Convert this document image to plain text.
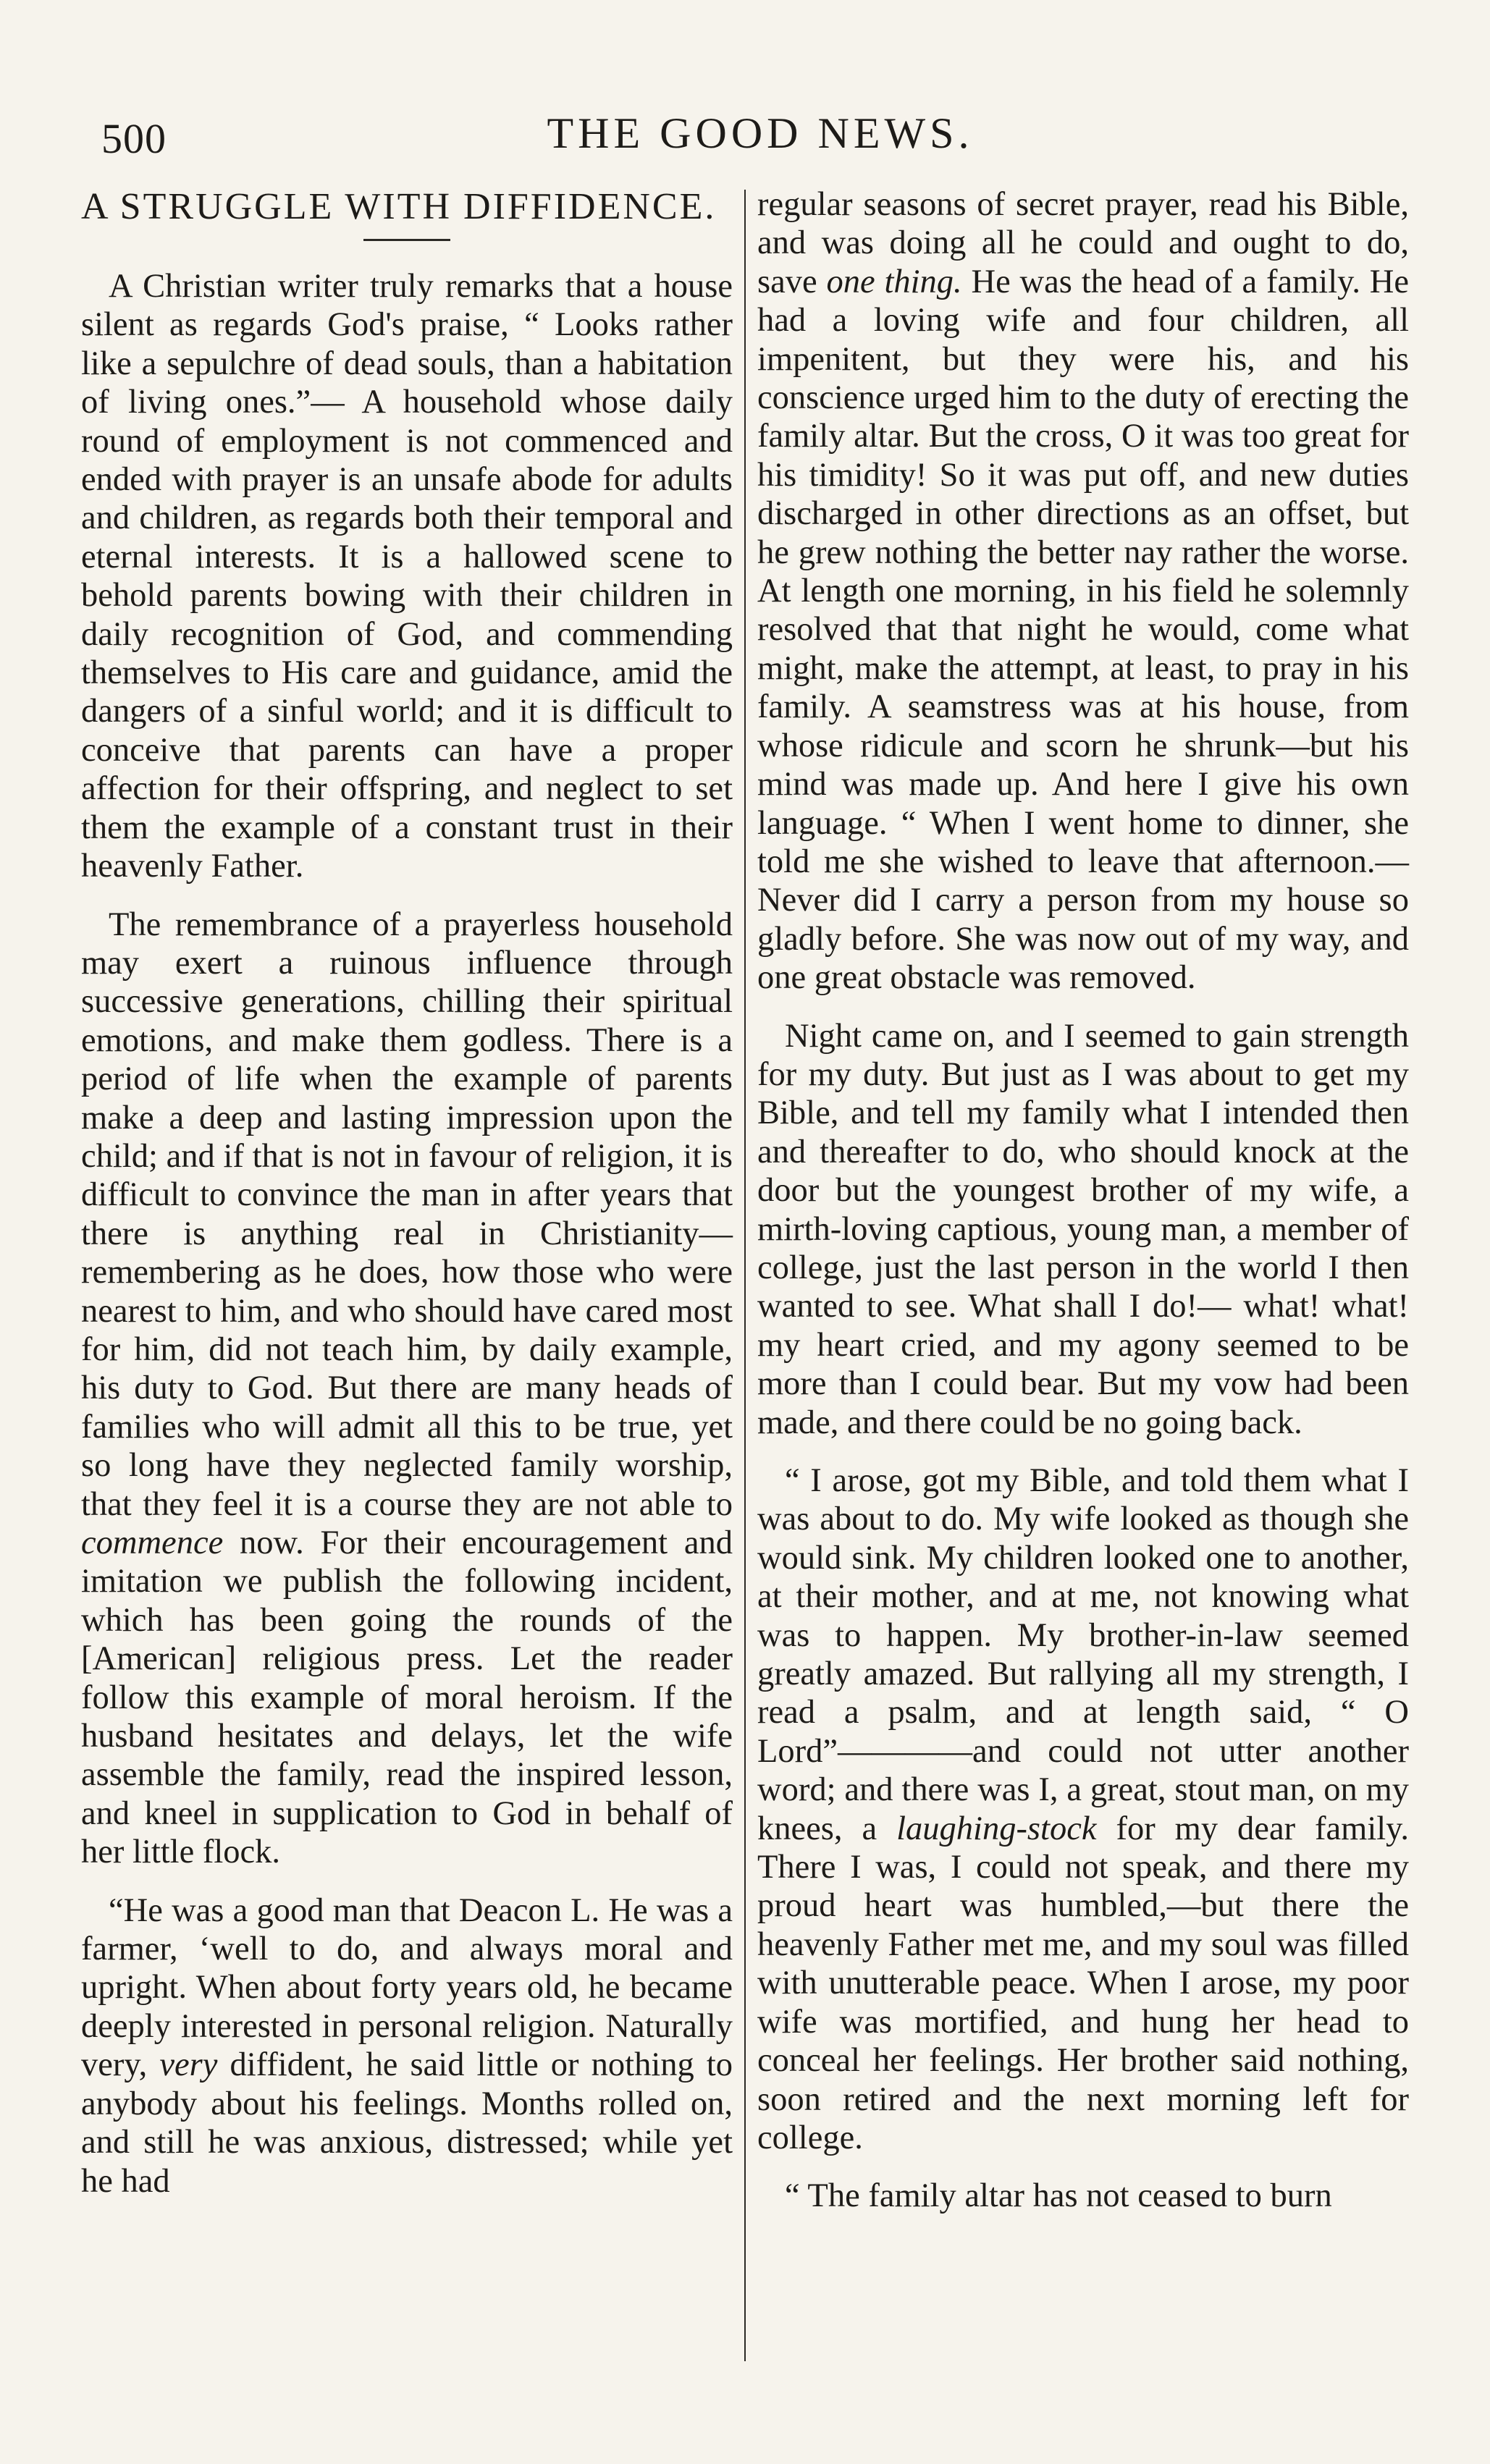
500	THE GOOD NEWS.
A STRUGGLE WITH DIFFIDENCE.

A Christian writer truly remarks that a house silent as regards God's praise, “ Looks rather like a sepulchre of dead souls, than a habitation of living ones.”— A household whose daily round of employment is not commenced and ended with prayer is an unsafe abode for adults and children, as regards both their temporal and eternal interests. It is a hallowed scene to behold parents bowing with their children in daily recognition of God, and commending themselves to His care and guidance, amid the dangers of a sinful world; and it is difficult to conceive that parents can have a proper affection for their offspring, and neglect to set them the example of a constant trust in their heavenly Father.

The remembrance of a prayerless household may exert a ruinous influence through successive generations, chilling their spiritual emotions, and make them godless. There is a period of life when the example of parents make a deep and lasting impression upon the child; and if that is not in favour of religion, it is difficult to convince the man in after years that there is anything real in Christianity—remembering as he does, how those who were nearest to him, and who should have cared most for him, did not teach him, by daily example, his duty to God. But there are many heads of families who will admit all this to be true, yet so long have they neglected family worship, that they feel it is a course they are not able to commence now. For their encouragement and imitation we publish the following incident, which has been going the rounds of the [American] religious press. Let the reader follow this example of moral heroism. If the husband hesitates and delays, let the wife assemble the family, read the inspired lesson, and kneel in supplication to God in behalf of her little flock.

“He was a good man that Deacon L. He was a farmer, ‘well to do, and always moral and upright. When about forty years old, he became deeply interested in personal religion. Naturally very, very diffident, he said little or nothing to anybody about his feelings. Months rolled on, and still he was anxious, distressed; while yet he had

regular seasons of secret prayer, read his Bible, and was doing all he could and ought to do, save one thing. He was the head of a family. He had a loving wife and four children, all impenitent, but they were his, and his conscience urged him to the duty of erecting the family altar. But the cross, O it was too great for his timidity! So it was put off, and new duties discharged in other directions as an offset, but he grew nothing the better nay rather the worse. At length one morning, in his field he solemnly resolved that that night he would, come what might, make the attempt, at least, to pray in his family. A seamstress was at his house, from whose ridicule and scorn he shrunk—but his mind was made up. And here I give his own language. “ When I went home to dinner, she told me she wished to leave that afternoon.— Never did I carry a person from my house so gladly before. She was now out of my way, and one great obstacle was removed.

Night came on, and I seemed to gain strength for my duty. But just as I was about to get my Bible, and tell my family what I intended then and thereafter to do, who should knock at the door but the youngest brother of my wife, a mirth-loving captious, young man, a member of college, just the last person in the world I then wanted to see. What shall I do!— what! what! my heart cried, and my agony seemed to be more than I could bear. But my vow had been made, and there could be no going back.

“ I arose, got my Bible, and told them what I was about to do. My wife looked as though she would sink. My children looked one to another, at their mother, and at me, not knowing what was to happen. My brother-in-law seemed greatly amazed. But rallying all my strength, I read a psalm, and at length said, “ O Lord”————and could not utter another word; and there was I, a great, stout man, on my knees, a laughing-stock for my dear family. There I was, I could not speak, and there my proud heart was humbled,—but there the heavenly Father met me, and my soul was filled with unutterable peace. When I arose, my poor wife was mortified, and hung her head to conceal her feelings. Her brother said nothing, soon retired and the next morning left for college.

“ The family altar has not ceased to burn
